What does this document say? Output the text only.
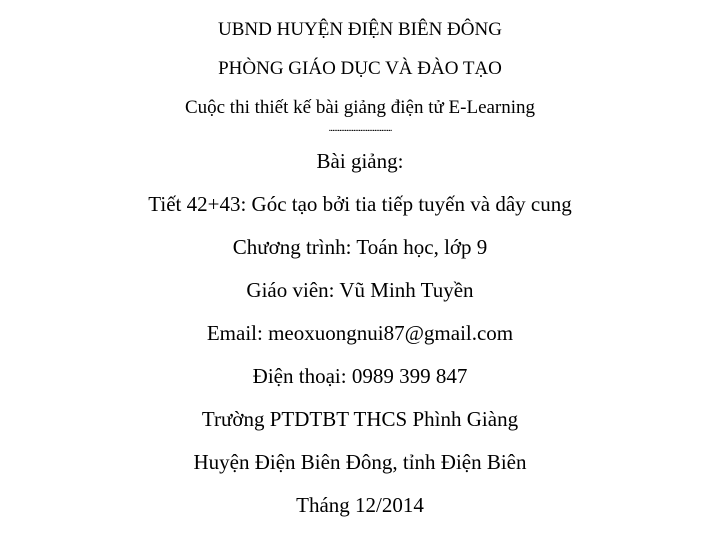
UBND HUYỆN ĐIỆN BIÊN ĐÔNG
PHÒNG GIÁO DỤC VÀ ĐÀO TẠO
Cuộc thi thiết kế bài giảng điện tử E-Learning
....................................
Bài giảng:
Tiết 42+43: Góc tạo bởi tia tiếp tuyến và dây cung
Chương trình: Toán học, lớp 9
Giáo viên: Vũ Minh Tuyền
Email: meoxuongnui87@gmail.com
Điện thoại: 0989 399 847
Trường PTDTBT THCS Phình Giàng
Huyện Điện Biên Đông, tỉnh Điện Biên
Tháng 12/2014
